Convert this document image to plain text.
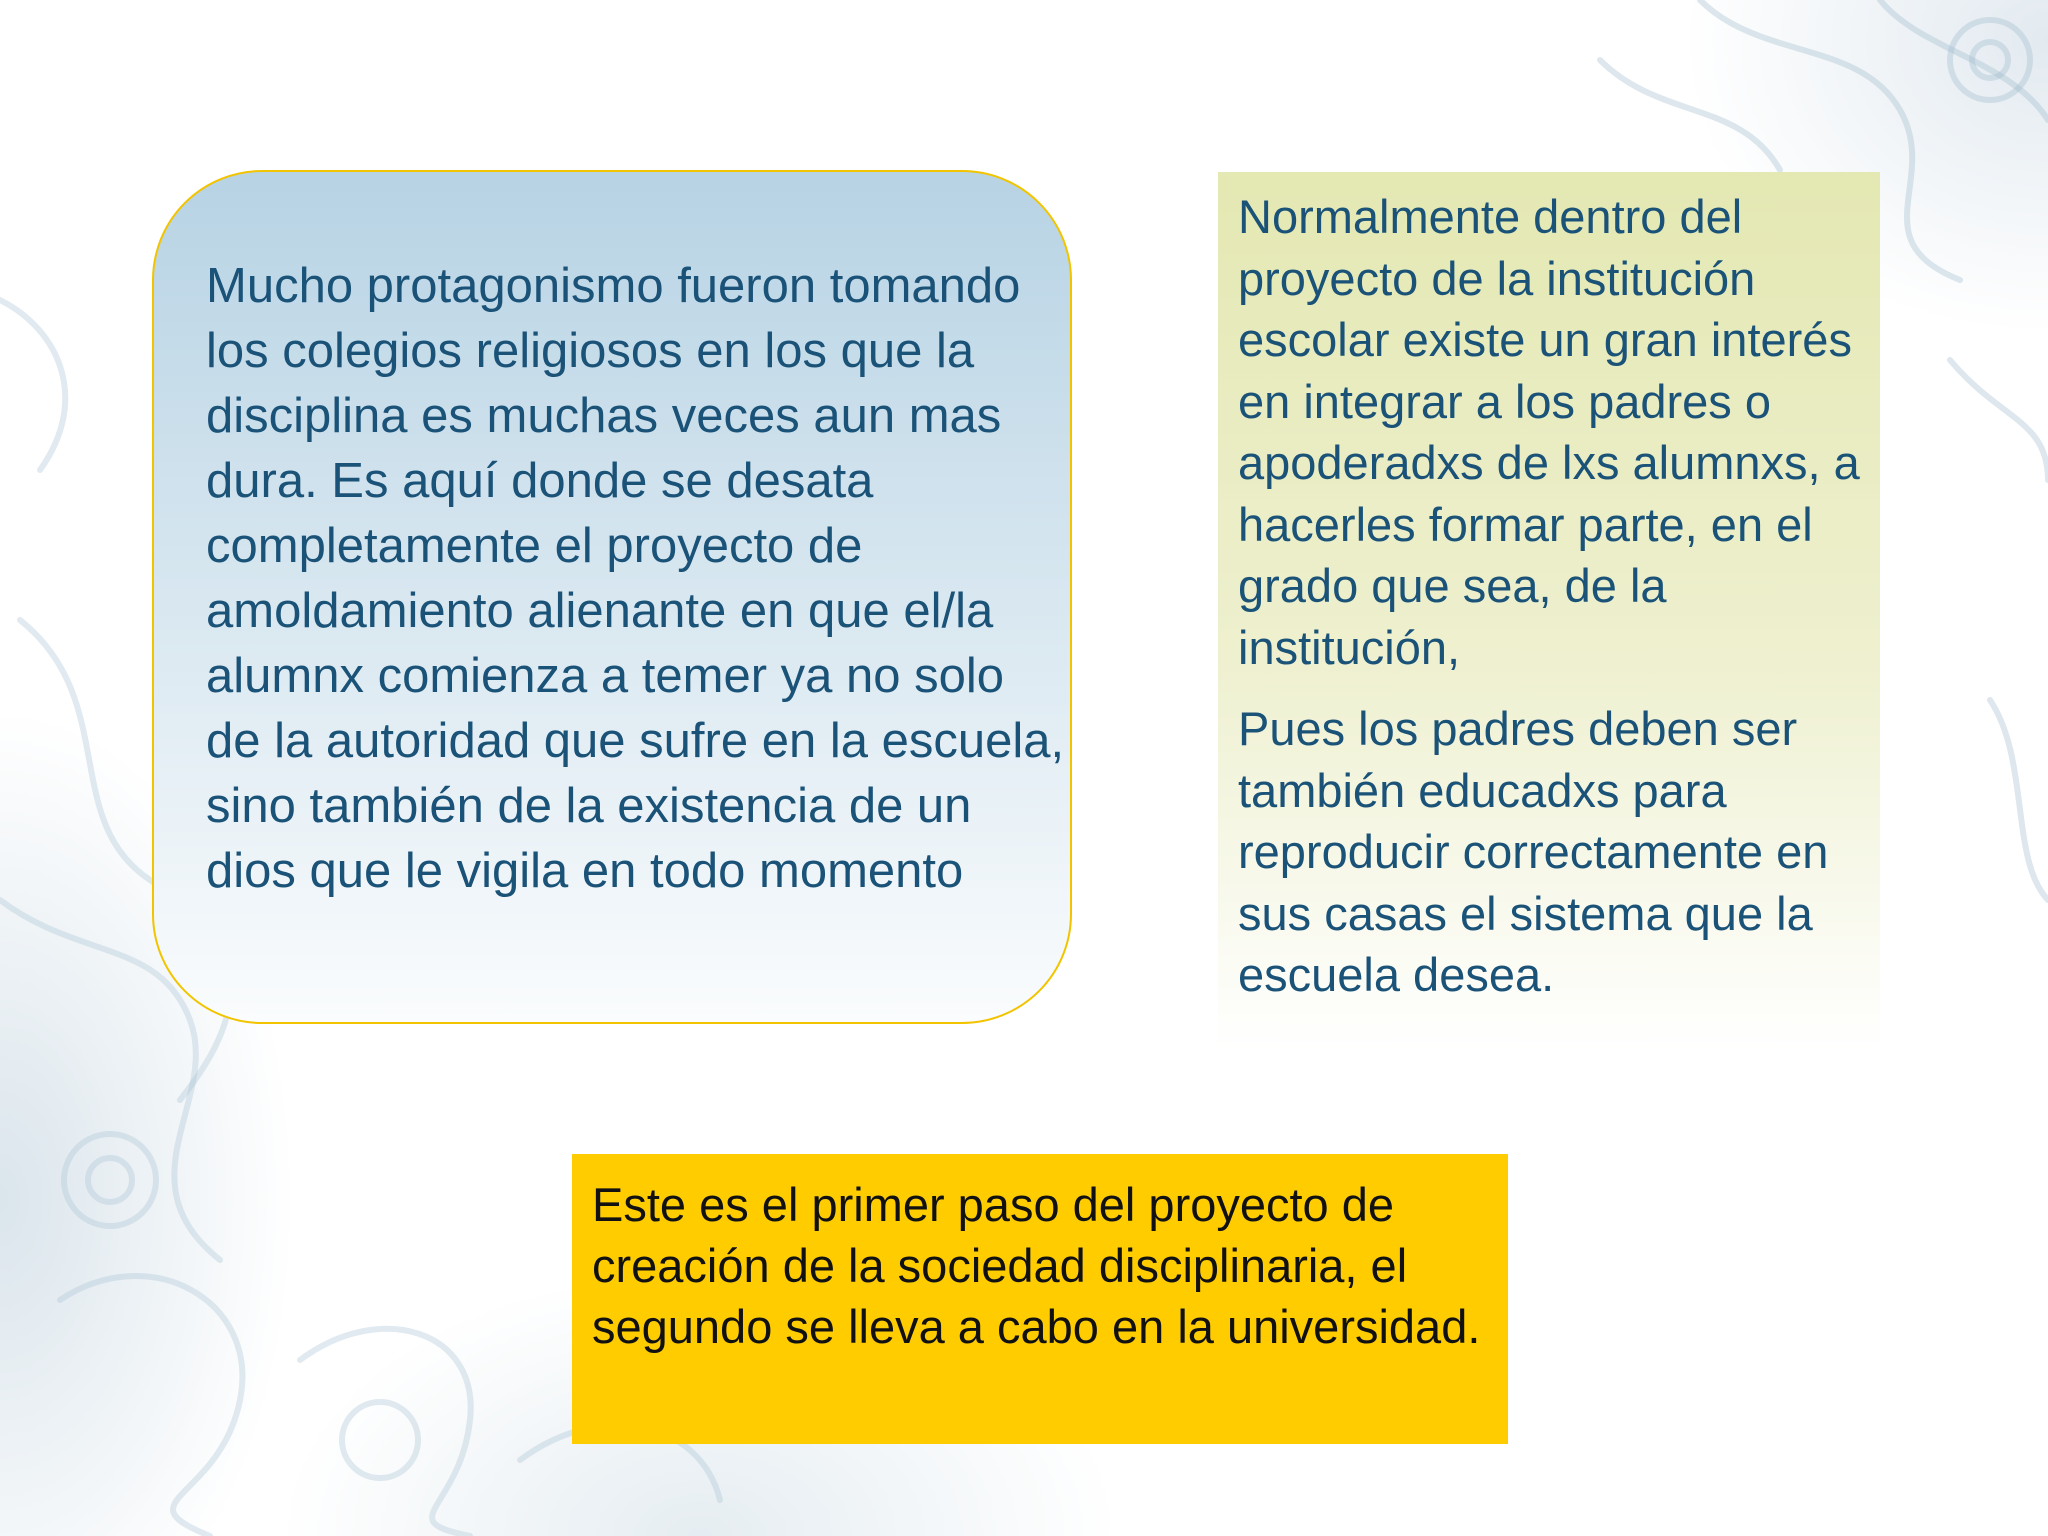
Mucho protagonismo fueron tomando los colegios religiosos en los que la disciplina es muchas veces aun mas dura. Es aquí donde se desata completamente el proyecto de amoldamiento alienante en que el/la alumnx comienza a temer ya no solo de la autoridad que sufre en la escuela, sino también de la existencia de un dios que le vigila en todo momento

Normalmente dentro del proyecto de la institución escolar existe un gran interés en integrar a los padres o apoderadxs de lxs alumnxs, a hacerles formar parte, en el grado que sea, de la institución,

Pues los padres deben ser también educadxs para reproducir correctamente en sus casas el sistema que la escuela desea.

Este es el primer paso del proyecto de creación de la sociedad disciplinaria, el segundo se lleva a cabo en la universidad.
